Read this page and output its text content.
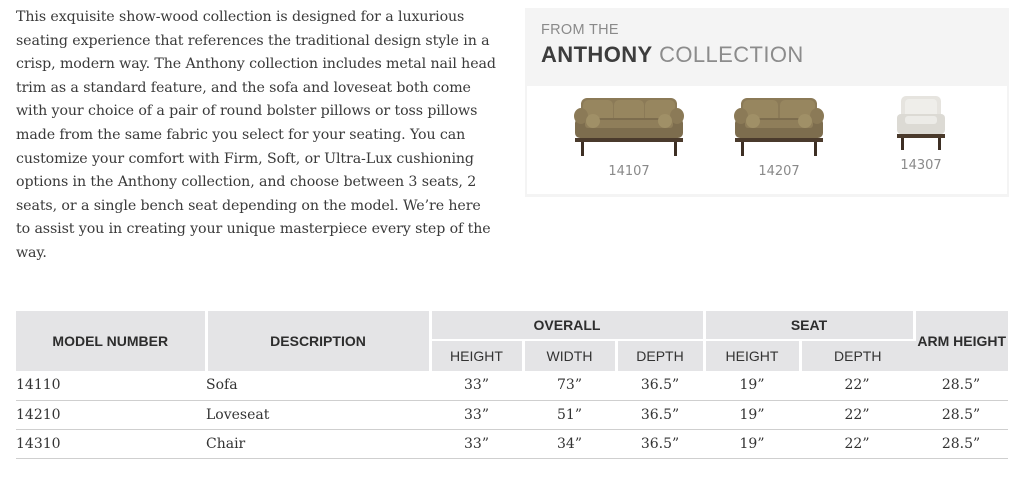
This exquisite show-wood collection is designed for a luxurious seating experience that references the traditional design style in a crisp, modern way. The Anthony collection includes metal nail head trim as a standard feature, and the sofa and loveseat both come with your choice of a pair of round bolster pillows or toss pillows made from the same fabric you select for your seating. You can customize your comfort with Firm, Soft, or Ultra-Lux cushioning options in the Anthony collection, and choose between 3 seats, 2 seats, or a single bench seat depending on the model. We’re here to assist you in creating your unique masterpiece every step of the way.

FROM THE
ANTHONY COLLECTION
14107	14207	14307
MODEL NUMBER	DESCRIPTION	OVERALL			SEAT		ARM HEIGHT
		HEIGHT	WIDTH	DEPTH	HEIGHT	DEPTH	
14110	Sofa	33”	73”	36.5”	19”	22”	28.5”
14210	Loveseat	33”	51”	36.5”	19”	22”	28.5”
14310	Chair	33”	34”	36.5”	19”	22”	28.5”
